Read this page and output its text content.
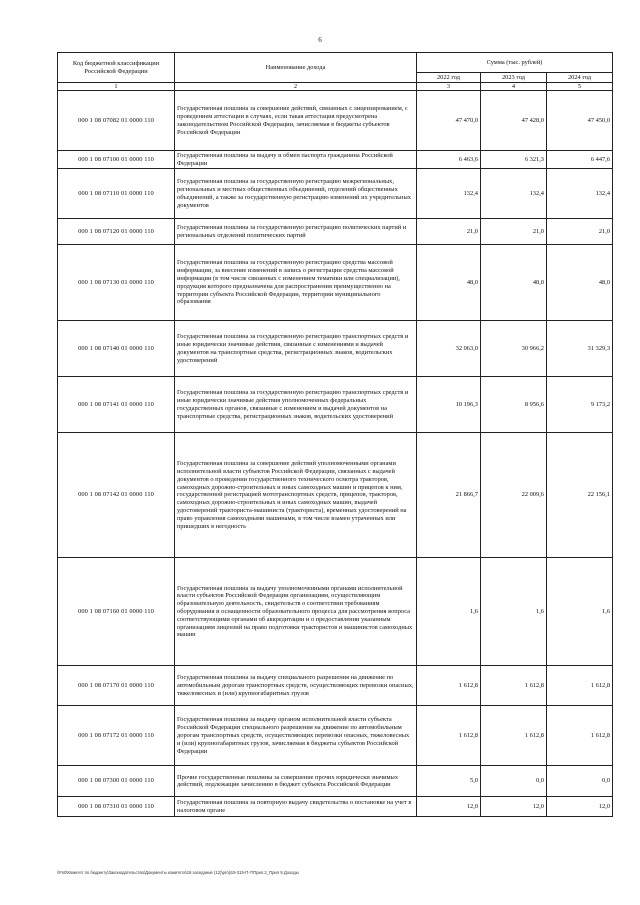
6
Код бюджетной классификации Российской Федерации	Наименование дохода	Сумма (тыс. рублей)		
		2022 год	2023 год	2024 год
1	2	3	4	5
000 1 08 07082 01 0000 110	Государственная пошлина за совершение действий, связанных с лицензированием, с проведением аттестации в случаях, если такая аттестация предусмотрена законодательством Российской Федерации, зачисляемая в бюджеты субъектов Российской Федерации	47 470,0	47 428,0	47 450,0
000 1 08 07100 01 0000 110	Государственная пошлина за выдачу и обмен паспорта гражданина Российской Федерации	6 463,6	6 321,3	6 447,6
000 1 08 07110 01 0000 110	Государственная пошлина за государственную регистрацию межрегиональных, региональных и местных общественных объединений, отделений общественных объединений, а также за государственную регистрацию изменений их учредительных документов	132,4	132,4	132,4
000 1 08 07120 01 0000 110	Государственная пошлина за государственную регистрацию политических партий и региональных отделений политических партий	21,0	21,0	21,0
000 1 08 07130 01 0000 110	Государственная пошлина за государственную регистрацию средства массовой информации, за внесение изменений в запись о регистрации средства массовой информации (в том числе связанных с изменением тематики или специализации), продукция которого предназначена для распространения преимущественно на территории субъекта Российской Федерации, территории муниципального образования	48,0	48,0	48,0
000 1 08 07140 01 0000 110	Государственная пошлина за государственную регистрацию транспортных средств и иные юридически значимые действия, связанные с изменениями и выдачей документов на транспортные средства, регистрационных знаков, водительских удостоверений	32 063,0	30 966,2	31 329,3
000 1 08 07141 01 0000 110	Государственная пошлина за государственную регистрацию транспортных средств и иные юридически значимые действия уполномоченных федеральных государственных органов, связанные с изменением и выдачей документов на транспортные средства, регистрационных знаков, водительских удостоверений	10 196,3	8 956,6	9 173,2
000 1 08 07142 01 0000 110	Государственная пошлина за совершение действий уполномоченными органами исполнительной власти субъектов Российской Федерации, связанных с выдачей документов о проведении государственного технического осмотра тракторов, самоходных дорожно-строительных и иных самоходных машин и прицепов к ним, государственной регистрацией мототранспортных средств, прицепов, тракторов, самоходных дорожно-строительных и иных самоходных машин, выдачей удостоверений тракториста-машиниста (тракториста), временных удостоверений на право управления самоходными машинами, в том числе взамен утраченных или пришедших в негодность	21 866,7	22 009,6	22 156,1
000 1 08 07160 01 0000 110	Государственная пошлина за выдачу уполномоченными органами исполнительной власти субъектов Российской Федерации организациям, осуществляющим образовательную деятельность, свидетельств о соответствии требованиям оборудования и оснащенности образовательного процесса для рассмотрения вопроса соответствующими органами об аккредитации и о предоставлении указанным организациям лицензий на право подготовки трактористов и машинистов самоходных машин	1,6	1,6	1,6
000 1 08 07170 01 0000 110	Государственная пошлина за выдачу специального разрешения на движение по автомобильным дорогам транспортных средств, осуществляющих перевозки опасных, тяжеловесных и (или) крупногабаритных грузов	1 612,8	1 612,8	1 612,8
000 1 08 07172 01 0000 110	Государственная пошлина за выдачу органом исполнительной власти субъекта Российской Федерации специального разрешения на движение по автомобильным дорогам транспортных средств, осуществляющих перевозки опасных, тяжеловесных и (или) крупногабаритных грузов, зачисляемая в бюджеты субъектов Российской Федерации	1 612,8	1 612,8	1 612,8
000 1 08 07300 01 0000 110	Прочие государственные пошлины за совершение прочих юридически значимых действий, подлежащие зачислению в бюджет субъекта Российской Федерации	5,0	0,0	0,0
000 1 08 07310 01 0000 110	Государственная пошлина за повторную выдачу свидетельства о постановке на учет в налоговом органе	12,0	12,0	12,0
\\Fs0\Комитет по бюджету\Законодательство\Документы комитета\19 заседание (12)\proj\19-315-П-7\Прил.2_Прил 5 Доходы
